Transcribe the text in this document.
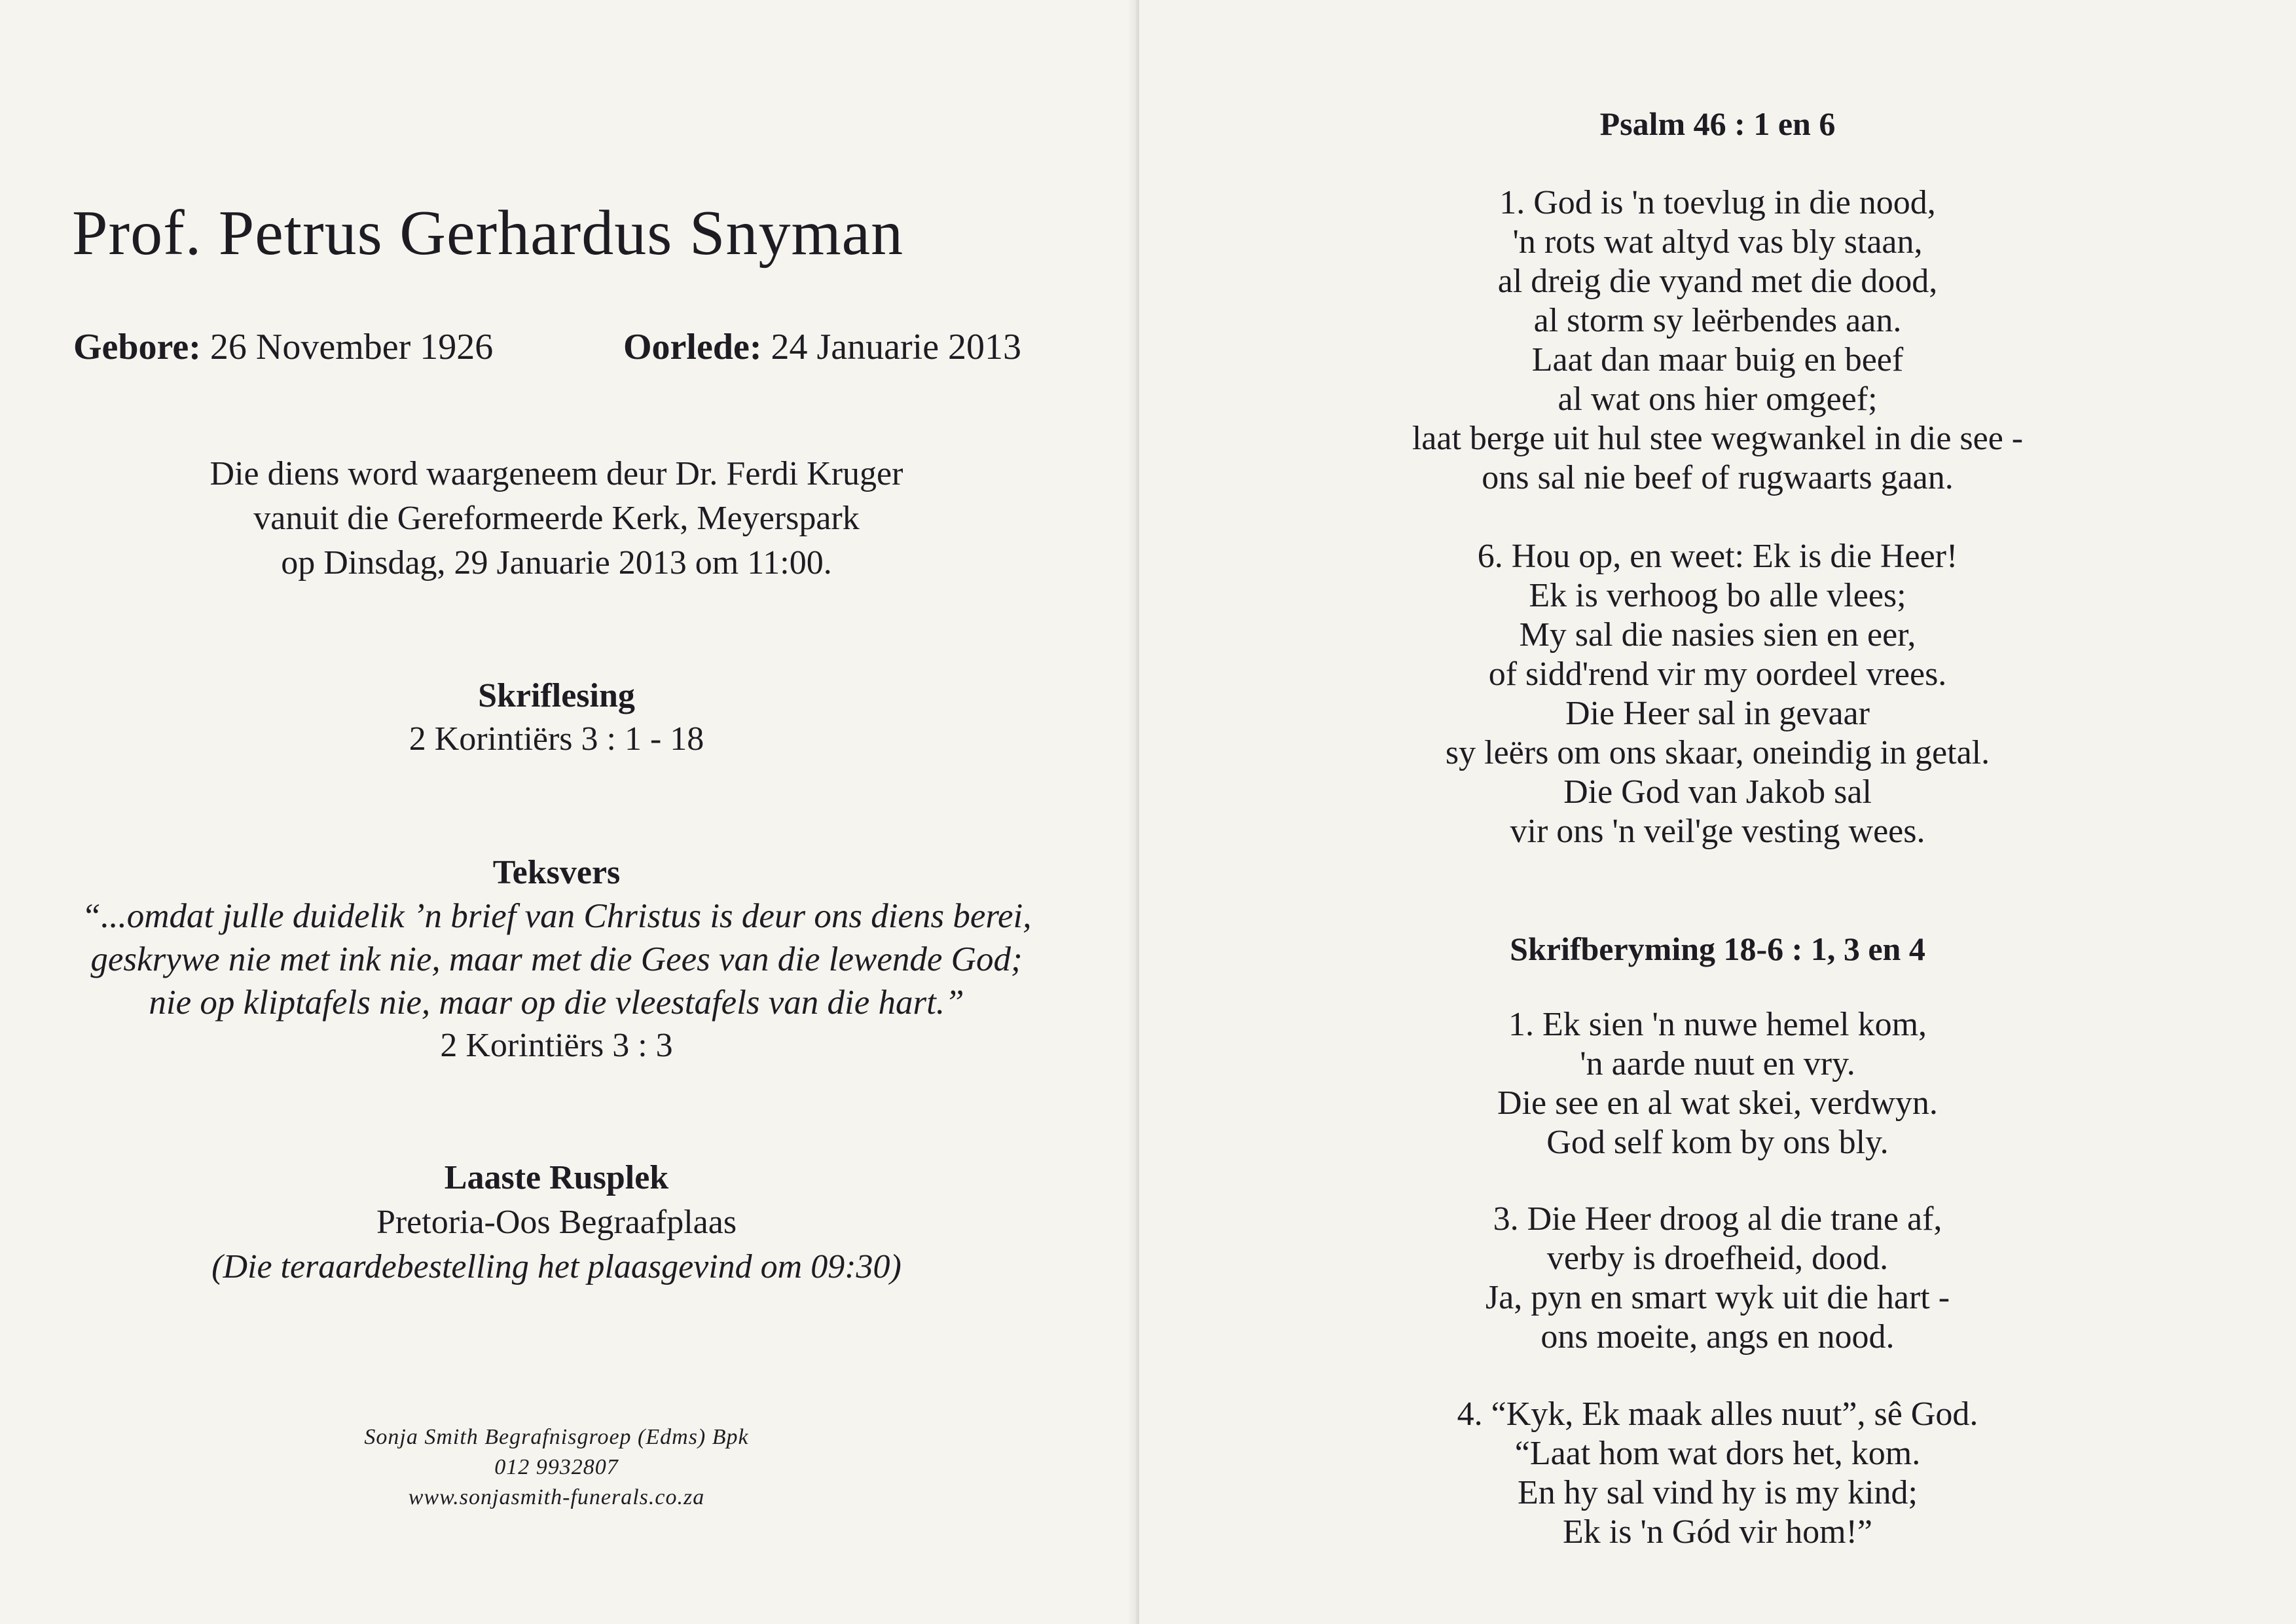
Prof. Petrus Gerhardus Snyman
Gebore: 26 November 1926	Oorlede: 24 Januarie 2013
Die diens word waargeneem deur Dr. Ferdi Kruger
vanuit die Gereformeerde Kerk, Meyerspark
op Dinsdag, 29 Januarie 2013 om 11:00.
Skriflesing
2 Korintiërs 3 : 1 - 18
Teksvers
“...omdat julle duidelik ’n brief van Christus is deur ons diens berei,
geskrywe nie met ink nie, maar met die Gees van die lewende God;
nie op kliptafels nie, maar op die vleestafels van die hart.”
2 Korintiërs 3 : 3
Laaste Rusplek
Pretoria-Oos Begraafplaas
(Die teraardebestelling het plaasgevind om 09:30)
Sonja Smith Begrafnisgroep (Edms) Bpk
012 9932807
www.sonjasmith-funerals.co.za
Psalm 46 : 1 en 6
1. God is 'n toevlug in die nood,
'n rots wat altyd vas bly staan,
al dreig die vyand met die dood,
al storm sy leërbendes aan.
Laat dan maar buig en beef
al wat ons hier omgeef;
laat berge uit hul stee wegwankel in die see -
ons sal nie beef of rugwaarts gaan.
6. Hou op, en weet: Ek is die Heer!
Ek is verhoog bo alle vlees;
My sal die nasies sien en eer,
of sidd'rend vir my oordeel vrees.
Die Heer sal in gevaar
sy leërs om ons skaar, oneindig in getal.
Die God van Jakob sal
vir ons 'n veil'ge vesting wees.
Skrifberyming 18-6 : 1, 3 en 4
1. Ek sien 'n nuwe hemel kom,
'n aarde nuut en vry.
Die see en al wat skei, verdwyn.
God self kom by ons bly.
3. Die Heer droog al die trane af,
verby is droefheid, dood.
Ja, pyn en smart wyk uit die hart -
ons moeite, angs en nood.
4. “Kyk, Ek maak alles nuut”, sê God.
“Laat hom wat dors het, kom.
En hy sal vind hy is my kind;
Ek is 'n Gód vir hom!”
